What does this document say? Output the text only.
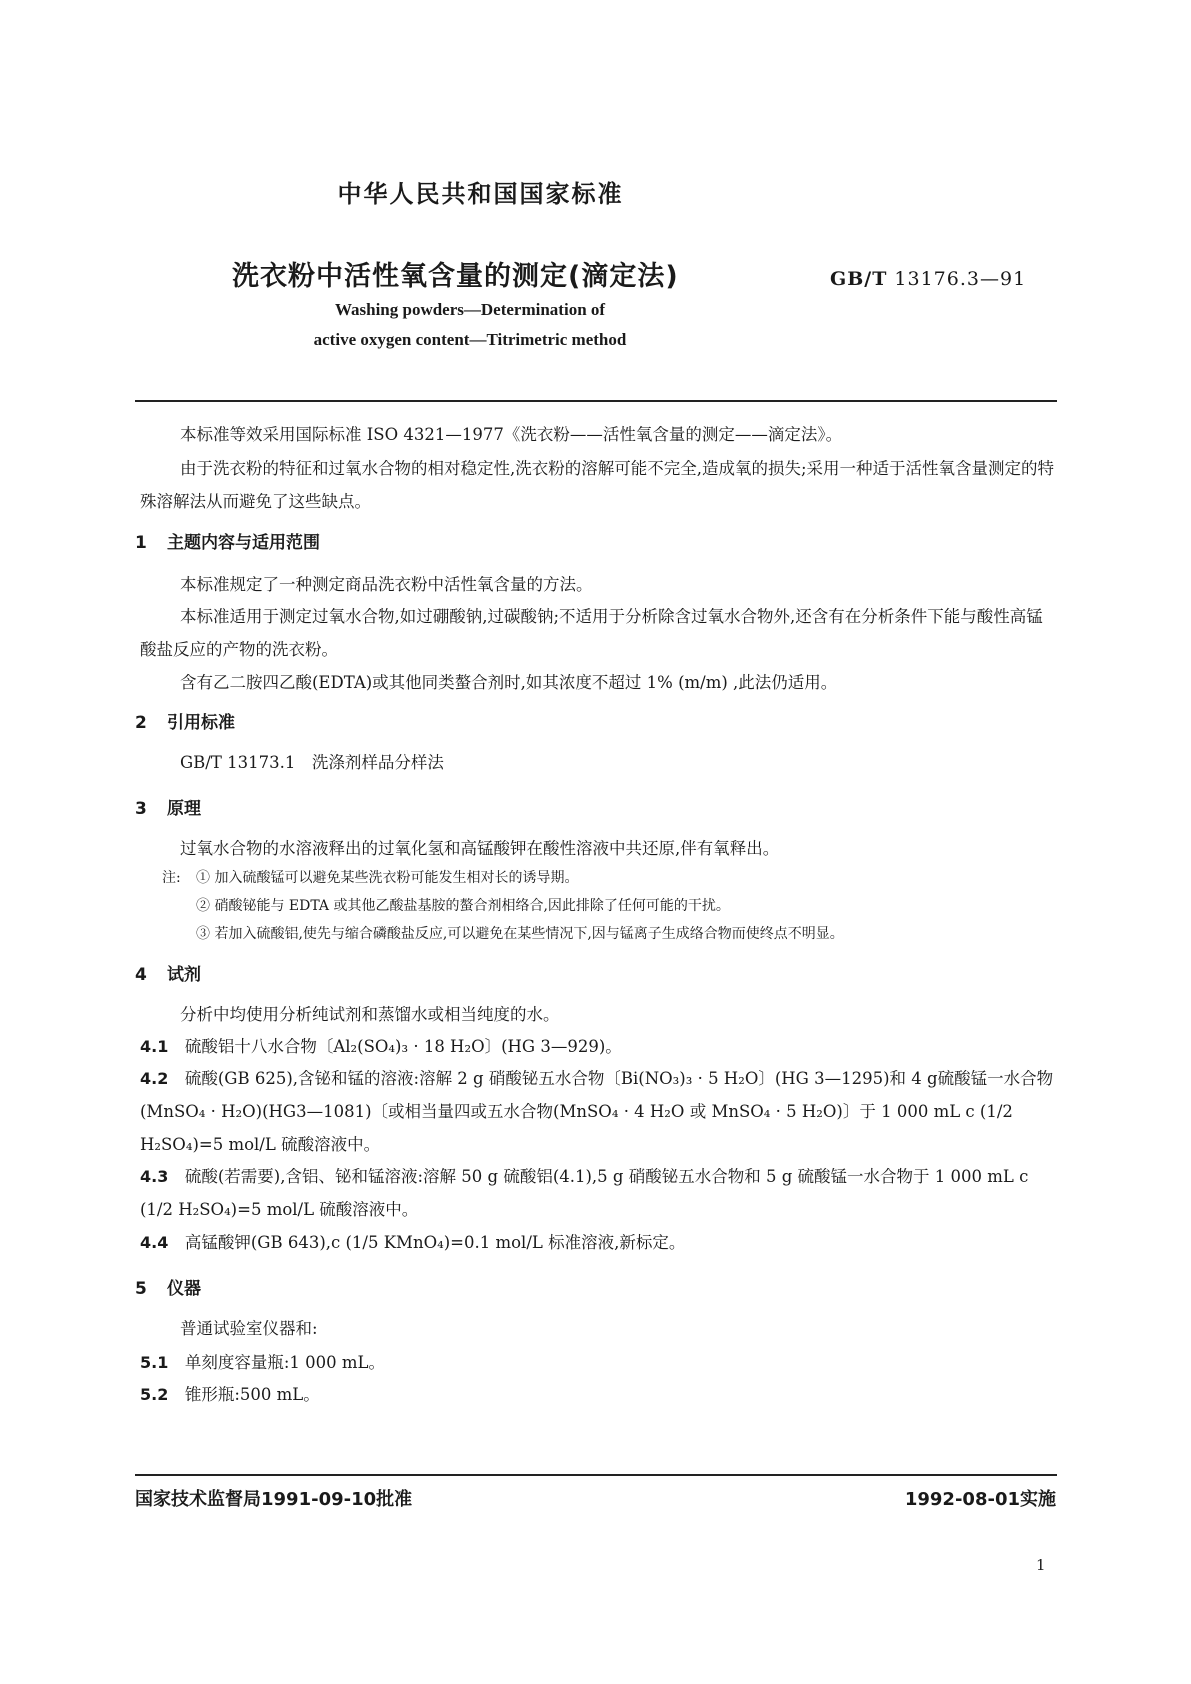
中华人民共和国国家标准
洗衣粉中活性氧含量的测定(滴定法)	GB/T 13176.3—91
Washing powders—Determination of
active oxygen content—Titrimetric method
本标准等效采用国际标准 ISO 4321—1977《洗衣粉——活性氧含量的测定——滴定法》。
由于洗衣粉的特征和过氧水合物的相对稳定性,洗衣粉的溶解可能不完全,造成氧的损失;采用一种适于活性氧含量测定的特殊溶解法从而避免了这些缺点。
1 主题内容与适用范围
本标准规定了一种测定商品洗衣粉中活性氧含量的方法。
本标准适用于测定过氧水合物,如过硼酸钠,过碳酸钠;不适用于分析除含过氧水合物外,还含有在分析条件下能与酸性高锰酸盐反应的产物的洗衣粉。
含有乙二胺四乙酸(EDTA)或其他同类螯合剂时,如其浓度不超过 1% (m/m) ,此法仍适用。
2 引用标准
GB/T 13173.1　洗涤剂样品分样法
3 原理
过氧水合物的水溶液释出的过氧化氢和高锰酸钾在酸性溶液中共还原,伴有氧释出。
注: ① 加入硫酸锰可以避免某些洗衣粉可能发生相对长的诱导期。
② 硝酸铋能与 EDTA 或其他乙酸盐基胺的螯合剂相络合,因此排除了任何可能的干扰。
③ 若加入硫酸铝,使先与缩合磷酸盐反应,可以避免在某些情况下,因与锰离子生成络合物而使终点不明显。
4 试剂
分析中均使用分析纯试剂和蒸馏水或相当纯度的水。
4.1　 硫酸铝十八水合物〔Al₂(SO₄)₃ · 18 H₂O〕(HG 3—929)。
4.2　 硫酸(GB 625),含铋和锰的溶液:溶解 2 g 硝酸铋五水合物〔Bi(NO₃)₃ · 5 H₂O〕(HG 3—1295)和 4 g硫酸锰一水合物(MnSO₄ · H₂O)(HG3—1081)〔或相当量四或五水合物(MnSO₄ · 4 H₂O 或 MnSO₄ · 5 H₂O)〕于 1 000 mL c (1/2 H₂SO₄)=5 mol/L 硫酸溶液中。
4.3　 硫酸(若需要),含铝、铋和锰溶液:溶解 50 g 硫酸铝(4.1),5 g 硝酸铋五水合物和 5 g 硫酸锰一水合物于 1 000 mL c (1/2 H₂SO₄)=5 mol/L 硫酸溶液中。
4.4　 高锰酸钾(GB 643),c (1/5 KMnO₄)=0.1 mol/L 标准溶液,新标定。
5 仪器
普通试验室仪器和:
5.1　 单刻度容量瓶:1 000 mL。
5.2　 锥形瓶:500 mL。
国家技术监督局1991-09-10批准	1992-08-01实施
1
